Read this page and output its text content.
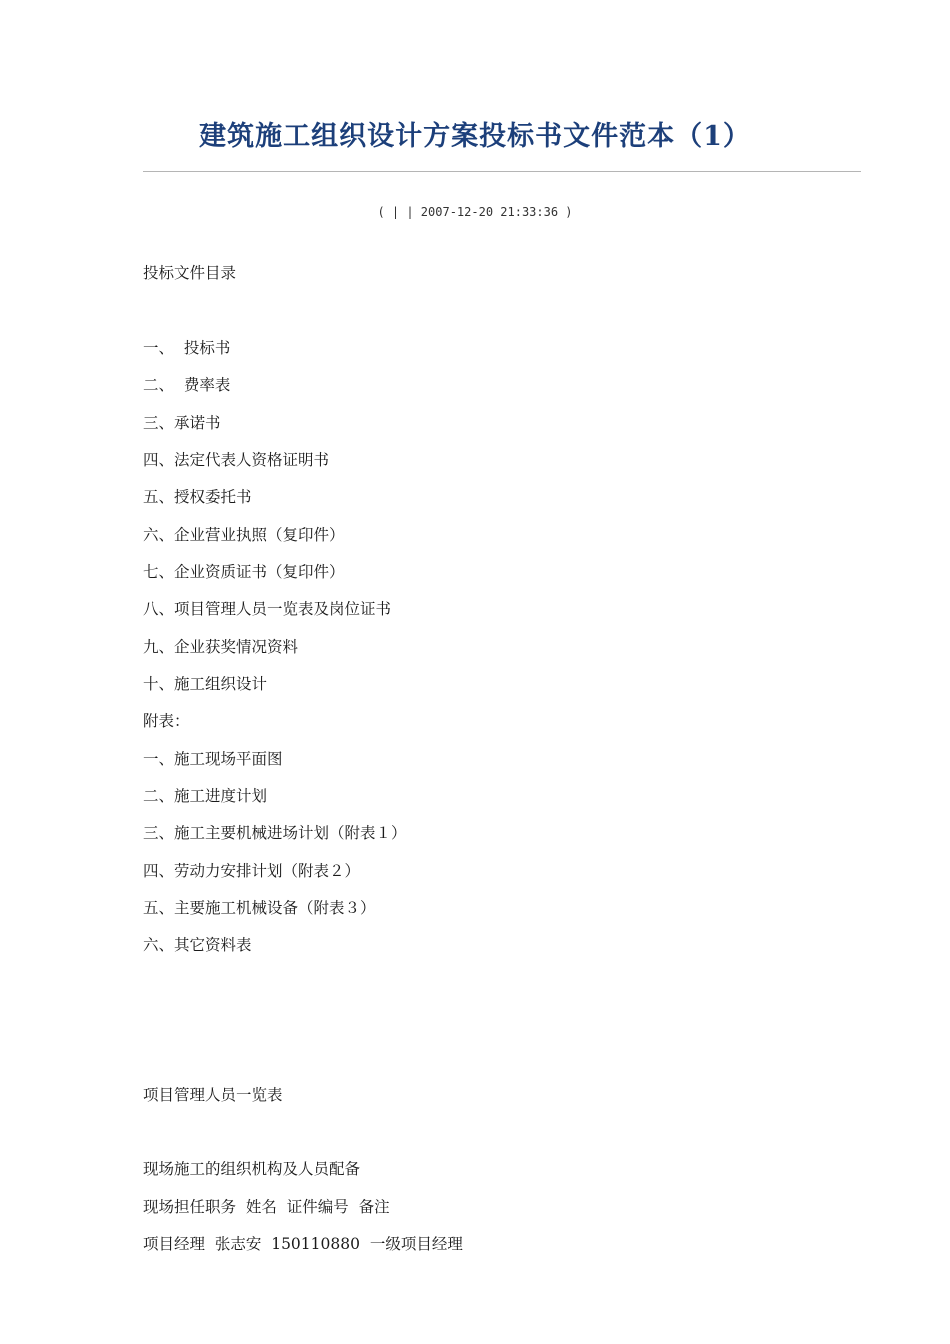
建筑施工组织设计方案投标书文件范本（1）
( | | 2007-12-20 21:33:36 )
投标文件目录
一、  投标书
二、  费率表
三、承诺书
四、法定代表人资格证明书
五、授权委托书
六、企业营业执照（复印件）
七、企业资质证书（复印件）
八、项目管理人员一览表及岗位证书
九、企业获奖情况资料
十、施工组织设计
附表：
一、施工现场平面图
二、施工进度计划
三、施工主要机械进场计划（附表１）
四、劳动力安排计划（附表２）
五、主要施工机械设备（附表３）
六、其它资料表
项目管理人员一览表
现场施工的组织机构及人员配备
现场担任职务  姓名  证件编号  备注
项目经理  张志安  150110880  一级项目经理
